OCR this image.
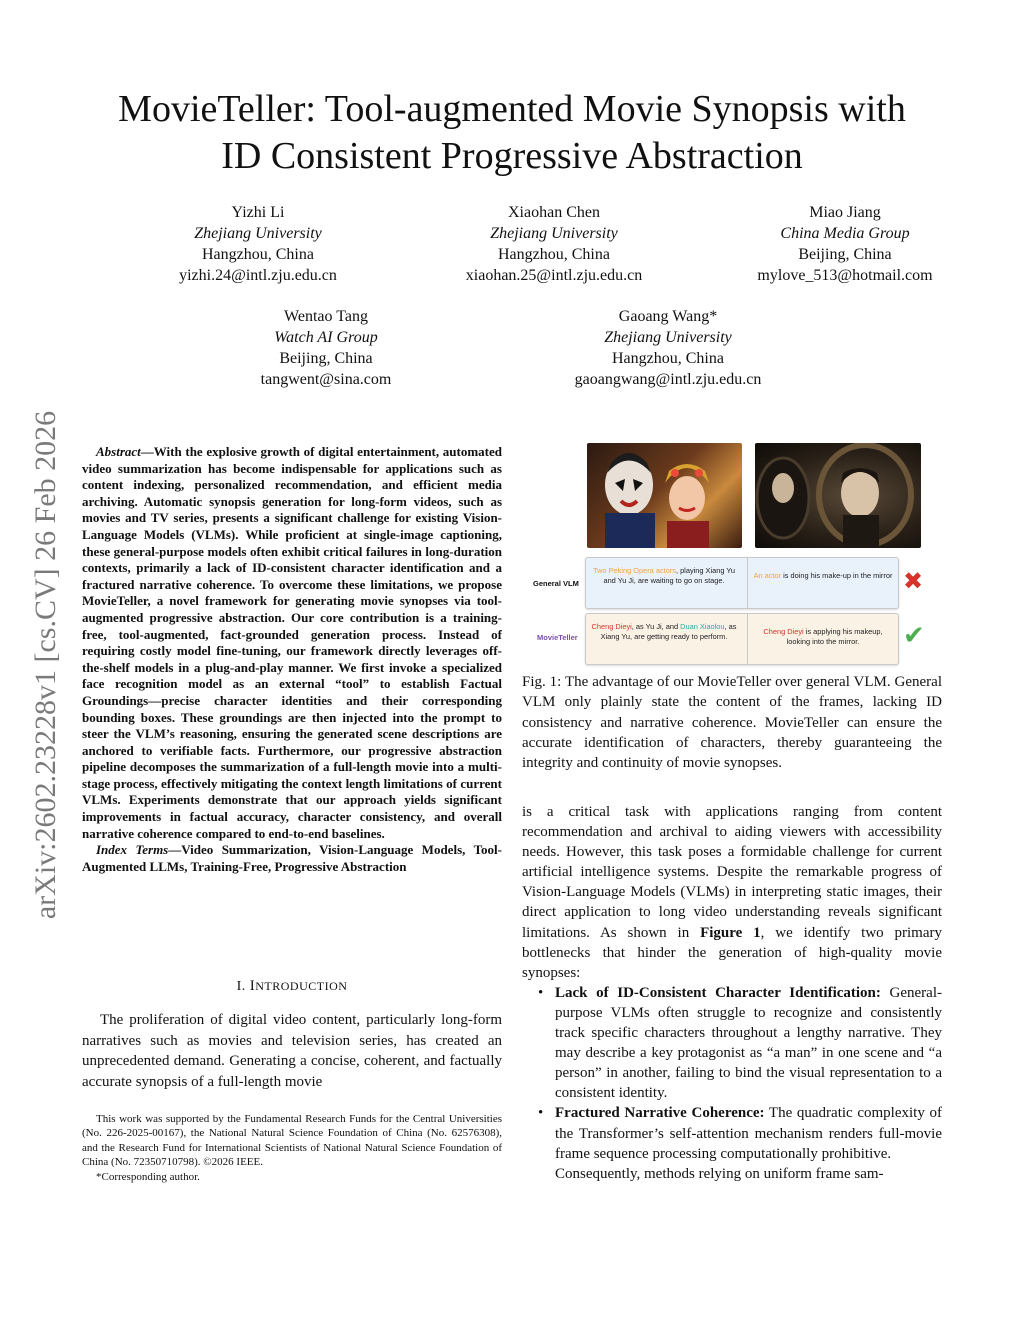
arXiv:2602.23228v1 [cs.CV] 26 Feb 2026
MovieTeller: Tool-augmented Movie Synopsis with
ID Consistent Progressive Abstraction
Yizhi Li
Zhejiang University
Hangzhou, China
yizhi.24@intl.zju.edu.cn
Xiaohan Chen
Zhejiang University
Hangzhou, China
xiaohan.25@intl.zju.edu.cn
Miao Jiang
China Media Group
Beijing, China
mylove_513@hotmail.com
Wentao Tang
Watch AI Group
Beijing, China
tangwent@sina.com
Gaoang Wang*
Zhejiang University
Hangzhou, China
gaoangwang@intl.zju.edu.cn

Abstract—With the explosive growth of digital entertainment, automated video summarization has become indispensable for applications such as content indexing, personalized recommendation, and efficient media archiving. Automatic synopsis generation for long-form videos, such as movies and TV series, presents a significant challenge for existing Vision-Language Models (VLMs). While proficient at single-image captioning, these general-purpose models often exhibit critical failures in long-duration contexts, primarily a lack of ID-consistent character identification and a fractured narrative coherence. To overcome these limitations, we propose MovieTeller, a novel framework for generating movie synopses via tool-augmented progressive abstraction. Our core contribution is a training-free, tool-augmented, fact-grounded generation process. Instead of requiring costly model fine-tuning, our framework directly leverages off-the-shelf models in a plug-and-play manner. We first invoke a specialized face recognition model as an external “tool” to establish Factual Groundings—precise character identities and their corresponding bounding boxes. These groundings are then injected into the prompt to steer the VLM’s reasoning, ensuring the generated scene descriptions are anchored to verifiable facts. Furthermore, our progressive abstraction pipeline decomposes the summarization of a full-length movie into a multi-stage process, effectively mitigating the context length limitations of current VLMs. Experiments demonstrate that our approach yields significant improvements in factual accuracy, character consistency, and overall narrative coherence compared to end-to-end baselines.

Index Terms—Video Summarization, Vision-Language Models, Tool-Augmented LLMs, Training-Free, Progressive Abstraction

I. INTRODUCTION

The proliferation of digital video content, particularly long-form narratives such as movies and television series, has created an unprecedented demand. Generating a concise, coherent, and factually accurate synopsis of a full-length movie

This work was supported by the Fundamental Research Funds for the Central Universities (No. 226-2025-00167), the National Natural Science Foundation of China (No. 62576308), and the Research Fund for International Scientists of National Natural Science Foundation of China (No. 72350710798). ©2026 IEEE.

*Corresponding author.

General VLM
Two Peking Opera actors, playing Xiang Yu and Yu Ji, are waiting to go on stage.
An actor is doing his make-up in the mirror ✖
MovieTeller
Cheng Dieyi, as Yu Ji, and Duan Xiaolou, as Xiang Yu, are getting ready to perform.
Cheng Dieyi is applying his makeup, looking into the mirror.	✔

Fig. 1: The advantage of our MovieTeller over general VLM. General VLM only plainly state the content of the frames, lacking ID consistency and narrative coherence. MovieTeller can ensure the accurate identification of characters, thereby guaranteeing the integrity and continuity of movie synopses.

is a critical task with applications ranging from content recommendation and archival to aiding viewers with accessibility needs. However, this task poses a formidable challenge for current artificial intelligence systems. Despite the remarkable progress of Vision-Language Models (VLMs) in interpreting static images, their direct application to long video understanding reveals significant limitations. As shown in Figure 1, we identify two primary bottlenecks that hinder the generation of high-quality movie synopses:

• Lack of ID-Consistent Character Identification: General-purpose VLMs often struggle to recognize and consistently track specific characters throughout a lengthy narrative. They may describe a key protagonist as “a man” in one scene and “a person” in another, failing to bind the visual representation to a consistent identity.
• Fractured Narrative Coherence: The quadratic complexity of the Transformer’s self-attention mechanism renders full-movie frame sequence processing computationally prohibitive.

Consequently, methods relying on uniform frame sam-
